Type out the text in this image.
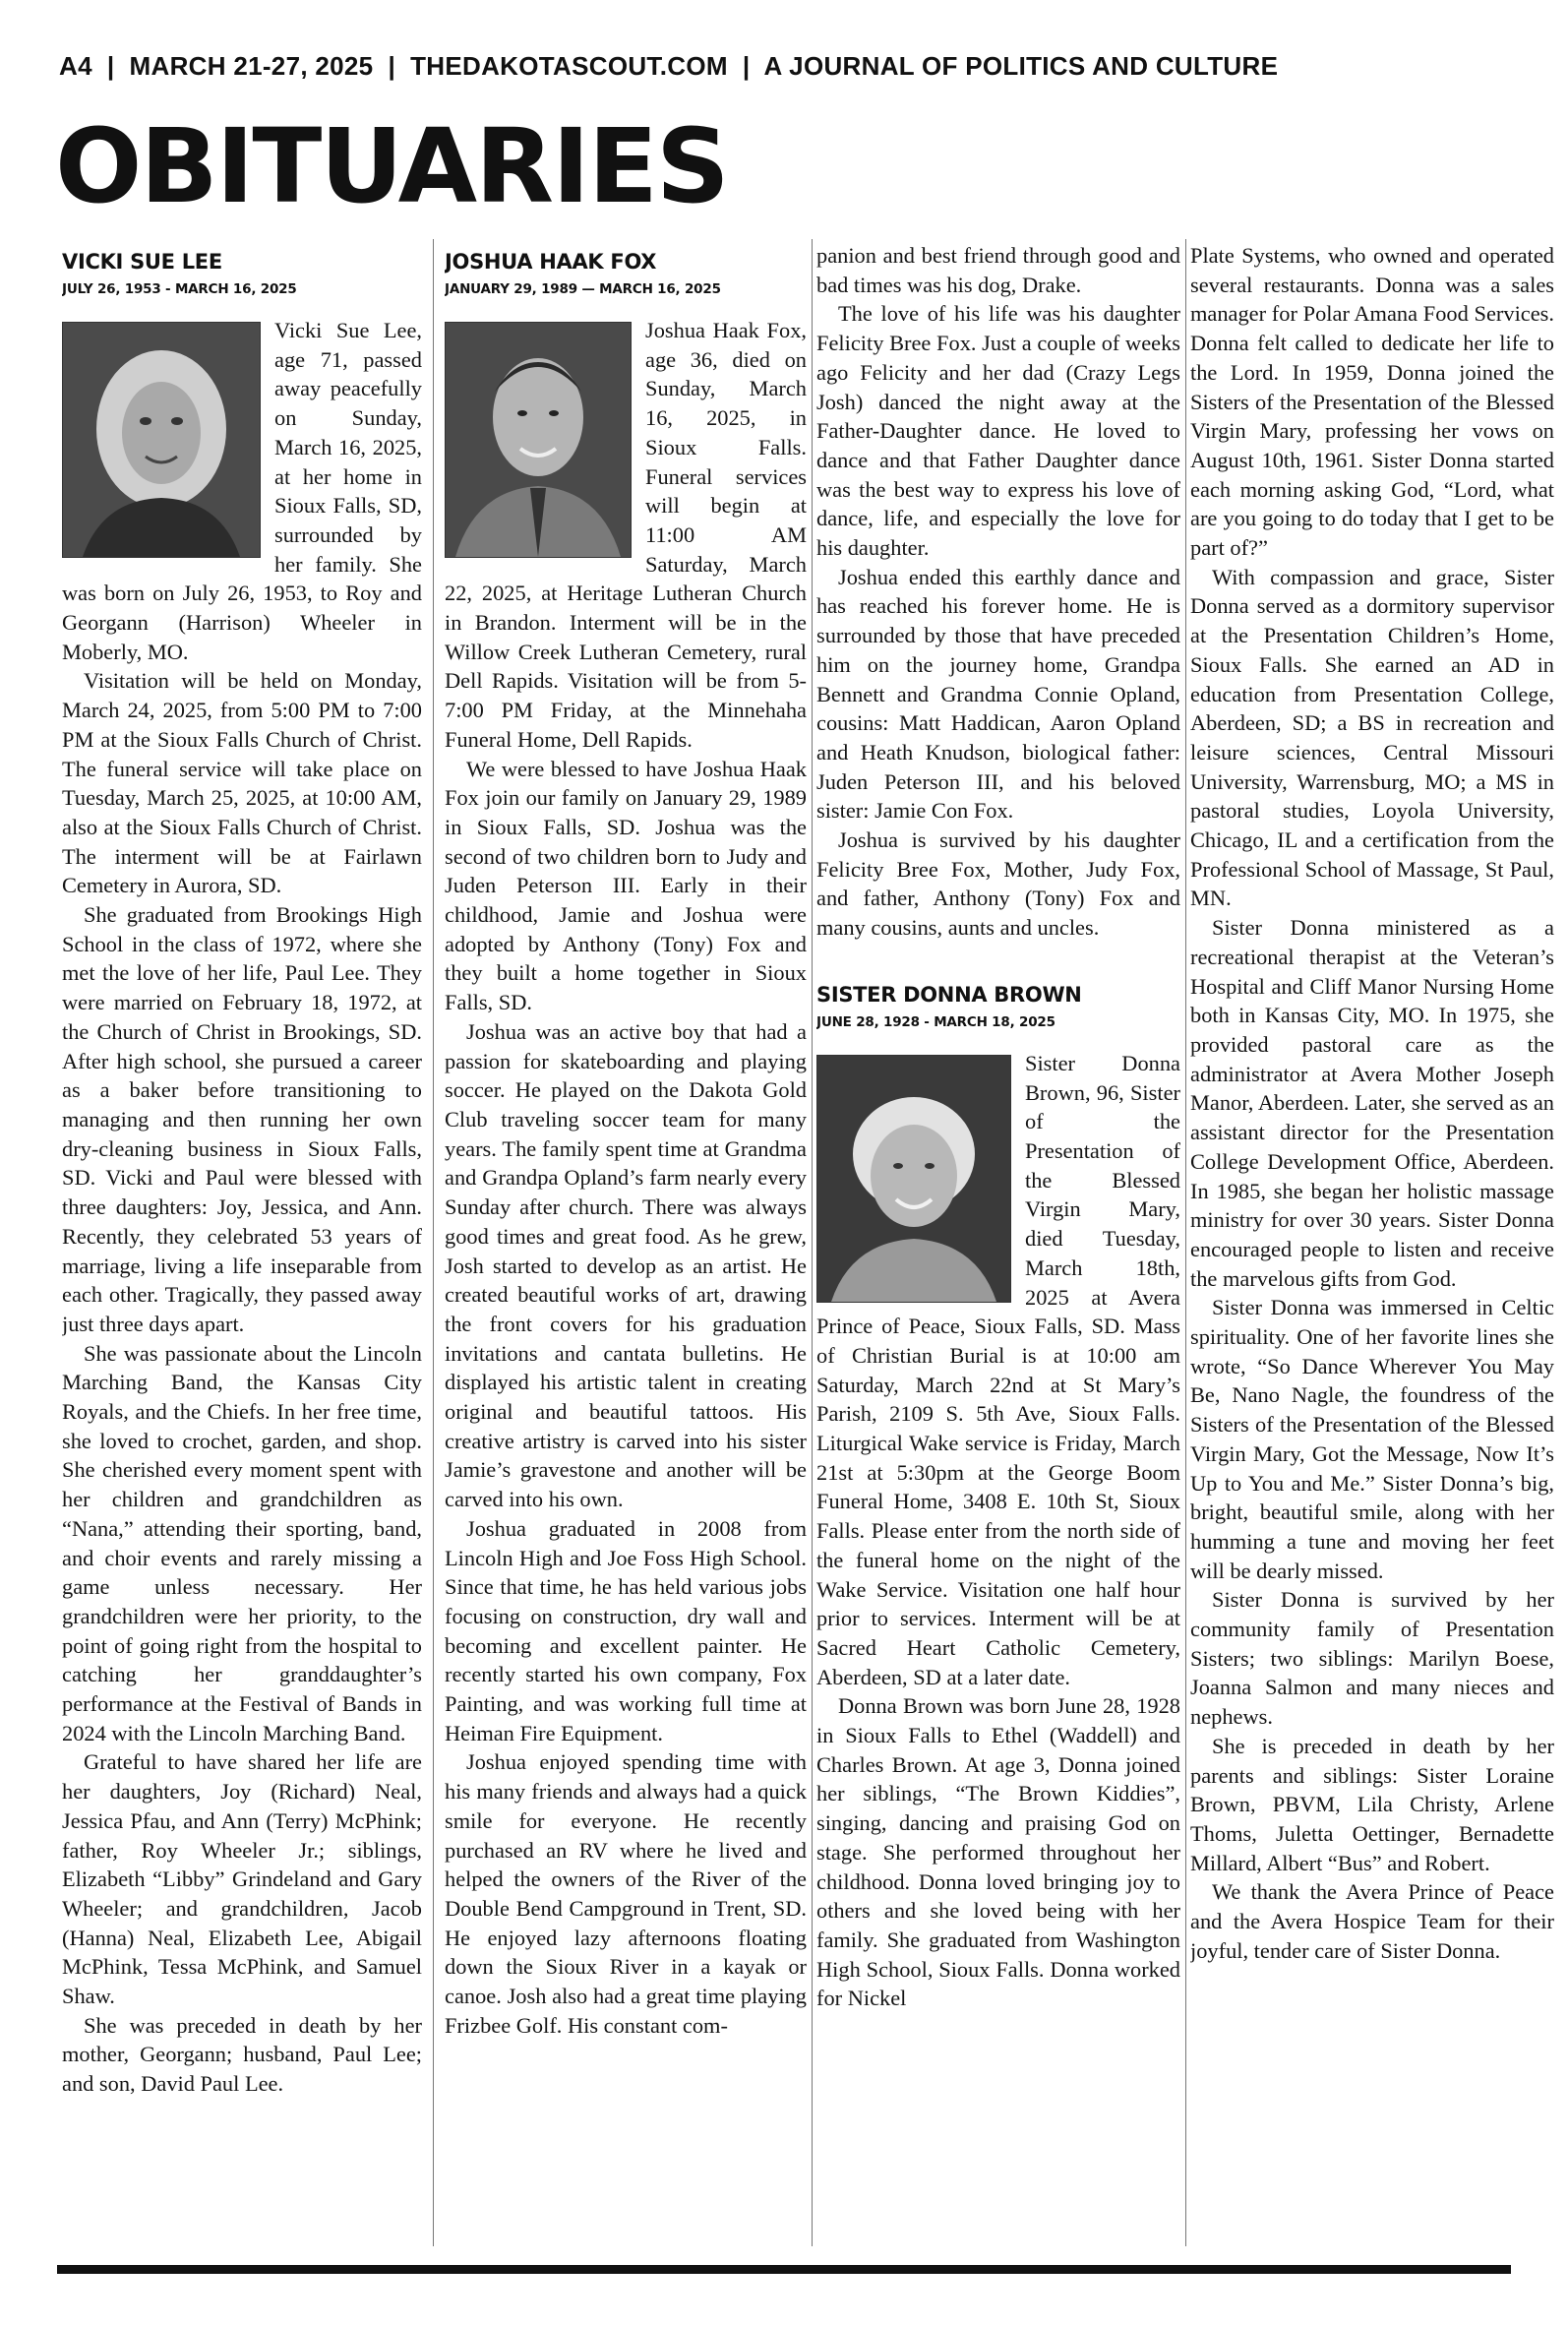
A4 | MARCH 21-27, 2025 | THEDAKOTASCOUT.COM | A JOURNAL OF POLITICS AND CULTURE
OBITUARIES
VICKI SUE LEE
JULY 26, 1953 - MARCH 16, 2025

Vicki Sue Lee, age 71, passed away peacefully on Sunday, March 16, 2025, at her home in Sioux Falls, SD, surrounded by her family. She was born on July 26, 1953, to Roy and Georgann (Harrison) Wheeler in Moberly, MO.

Visitation will be held on Monday, March 24, 2025, from 5:00 PM to 7:00 PM at the Sioux Falls Church of Christ. The funeral service will take place on Tuesday, March 25, 2025, at 10:00 AM, also at the Sioux Falls Church of Christ. The interment will be at Fairlawn Cemetery in Aurora, SD.

She graduated from Brookings High School in the class of 1972, where she met the love of her life, Paul Lee. They were married on February 18, 1972, at the Church of Christ in Brookings, SD. After high school, she pursued a career as a baker before transitioning to managing and then running her own dry-cleaning business in Sioux Falls, SD. Vicki and Paul were blessed with three daughters: Joy, Jessica, and Ann. Recently, they celebrated 53 years of marriage, living a life inseparable from each other. Tragically, they passed away just three days apart.

She was passionate about the Lincoln Marching Band, the Kansas City Royals, and the Chiefs. In her free time, she loved to crochet, garden, and shop. She cherished every moment spent with her children and grandchildren as “Nana,” attending their sporting, band, and choir events and rarely missing a game unless necessary. Her grandchildren were her priority, to the point of going right from the hospital to catching her granddaughter’s performance at the Festival of Bands in 2024 with the Lincoln Marching Band.

Grateful to have shared her life are her daughters, Joy (Richard) Neal, Jessica Pfau, and Ann (Terry) McPhink; father, Roy Wheeler Jr.; siblings, Elizabeth “Libby” Grindeland and Gary Wheeler; and grandchildren, Jacob (Hanna) Neal, Elizabeth Lee, Abigail McPhink, Tessa McPhink, and Samuel Shaw.

She was preceded in death by her mother, Georgann; husband, Paul Lee; and son, David Paul Lee.

JOSHUA HAAK FOX
JANUARY 29, 1989 — MARCH 16, 2025

Joshua Haak Fox, age 36, died on Sunday, March 16, 2025, in Sioux Falls. Funeral services will begin at 11:00 AM Saturday, March 22, 2025, at Heritage Lutheran Church in Brandon. Interment will be in the Willow Creek Lutheran Cemetery, rural Dell Rapids. Visitation will be from 5-7:00 PM Friday, at the Minnehaha Funeral Home, Dell Rapids.

We were blessed to have Joshua Haak Fox join our family on January 29, 1989 in Sioux Falls, SD. Joshua was the second of two children born to Judy and Juden Peterson III. Early in their childhood, Jamie and Joshua were adopted by Anthony (Tony) Fox and they built a home together in Sioux Falls, SD.

Joshua was an active boy that had a passion for skateboarding and playing soccer. He played on the Dakota Gold Club traveling soccer team for many years. The family spent time at Grandma and Grandpa Opland’s farm nearly every Sunday after church. There was always good times and great food. As he grew, Josh started to develop as an artist. He created beautiful works of art, drawing the front covers for his graduation invitations and cantata bulletins. He displayed his artistic talent in creating original and beautiful tattoos. His creative artistry is carved into his sister Jamie’s gravestone and another will be carved into his own.

Joshua graduated in 2008 from Lincoln High and Joe Foss High School. Since that time, he has held various jobs focusing on construction, dry wall and becoming and excellent painter. He recently started his own company, Fox Painting, and was working full time at Heiman Fire Equipment.

Joshua enjoyed spending time with his many friends and always had a quick smile for everyone. He recently purchased an RV where he lived and helped the owners of the River of the Double Bend Campground in Trent, SD. He enjoyed lazy afternoons floating down the Sioux River in a kayak or canoe. Josh also had a great time playing Frizbee Golf. His constant com-

panion and best friend through good and bad times was his dog, Drake.

The love of his life was his daughter Felicity Bree Fox. Just a couple of weeks ago Felicity and her dad (Crazy Legs Josh) danced the night away at the Father-Daughter dance. He loved to dance and that Father Daughter dance was the best way to express his love of dance, life, and especially the love for his daughter.

Joshua ended this earthly dance and has reached his forever home. He is surrounded by those that have preceded him on the journey home, Grandpa Bennett and Grandma Connie Opland, cousins: Matt Haddican, Aaron Opland and Heath Knudson, biological father: Juden Peterson III, and his beloved sister: Jamie Con Fox.

Joshua is survived by his daughter Felicity Bree Fox, Mother, Judy Fox, and father, Anthony (Tony) Fox and many cousins, aunts and uncles.

SISTER DONNA BROWN
JUNE 28, 1928 - MARCH 18, 2025

Sister Donna Brown, 96, Sister of the Presentation of the Blessed Virgin Mary, died Tuesday, March 18th, 2025 at Avera Prince of Peace, Sioux Falls, SD. Mass of Christian Burial is at 10:00 am Saturday, March 22nd at St Mary’s Parish, 2109 S. 5th Ave, Sioux Falls. Liturgical Wake service is Friday, March 21st at 5:30pm at the George Boom Funeral Home, 3408 E. 10th St, Sioux Falls. Please enter from the north side of the funeral home on the night of the Wake Service. Visitation one half hour prior to services. Interment will be at Sacred Heart Catholic Cemetery, Aberdeen, SD at a later date.

Donna Brown was born June 28, 1928 in Sioux Falls to Ethel (Waddell) and Charles Brown. At age 3, Donna joined her siblings, “The Brown Kiddies”, singing, dancing and praising God on stage. She performed throughout her childhood. Donna loved bringing joy to others and she loved being with her family. She graduated from Washington High School, Sioux Falls. Donna worked for Nickel

Plate Systems, who owned and operated several restaurants. Donna was a sales manager for Polar Amana Food Services. Donna felt called to dedicate her life to the Lord. In 1959, Donna joined the Sisters of the Presentation of the Blessed Virgin Mary, professing her vows on August 10th, 1961. Sister Donna started each morning asking God, “Lord, what are you going to do today that I get to be part of?”

With compassion and grace, Sister Donna served as a dormitory supervisor at the Presentation Children’s Home, Sioux Falls. She earned an AD in education from Presentation College, Aberdeen, SD; a BS in recreation and leisure sciences, Central Missouri University, Warrensburg, MO; a MS in pastoral studies, Loyola University, Chicago, IL and a certification from the Professional School of Massage, St Paul, MN.

Sister Donna ministered as a recreational therapist at the Veteran’s Hospital and Cliff Manor Nursing Home both in Kansas City, MO. In 1975, she provided pastoral care as the administrator at Avera Mother Joseph Manor, Aberdeen. Later, she served as an assistant director for the Presentation College Development Office, Aberdeen. In 1985, she began her holistic massage ministry for over 30 years. Sister Donna encouraged people to listen and receive the marvelous gifts from God.

Sister Donna was immersed in Celtic spirituality. One of her favorite lines she wrote, “So Dance Wherever You May Be, Nano Nagle, the foundress of the Sisters of the Presentation of the Blessed Virgin Mary, Got the Message, Now It’s Up to You and Me.” Sister Donna’s big, bright, beautiful smile, along with her humming a tune and moving her feet will be dearly missed.

Sister Donna is survived by her community family of Presentation Sisters; two siblings: Marilyn Boese, Joanna Salmon and many nieces and nephews.

She is preceded in death by her parents and siblings: Sister Loraine Brown, PBVM, Lila Christy, Arlene Thoms, Juletta Oettinger, Bernadette Millard, Albert “Bus” and Robert.

We thank the Avera Prince of Peace and the Avera Hospice Team for their joyful, tender care of Sister Donna.
